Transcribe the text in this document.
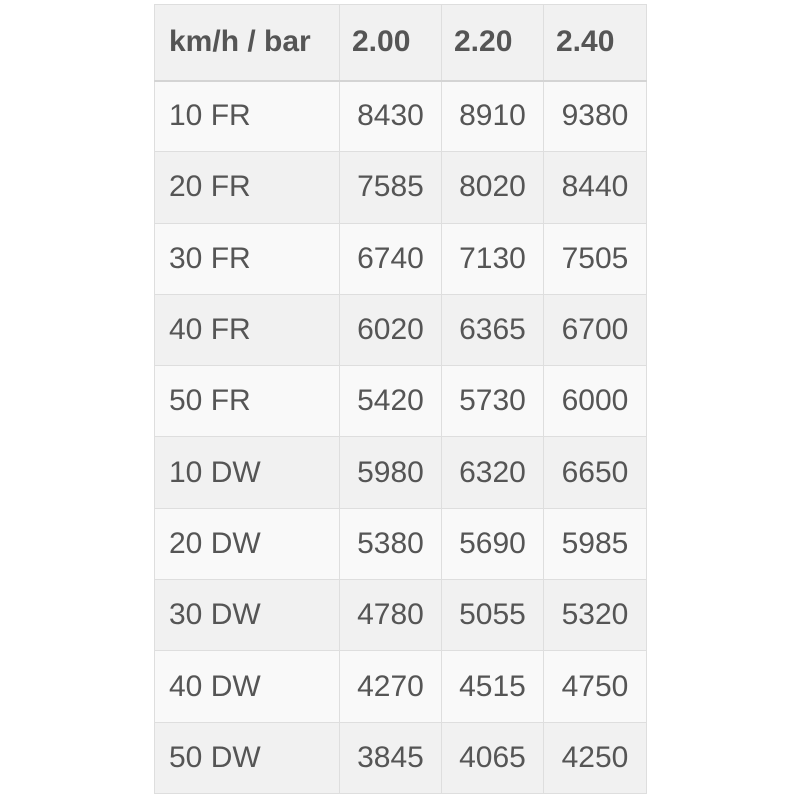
km/h / bar	2.00	2.20	2.40
10 FR	8430	8910	9380
20 FR	7585	8020	8440
30 FR	6740	7130	7505
40 FR	6020	6365	6700
50 FR	5420	5730	6000
10 DW	5980	6320	6650
20 DW	5380	5690	5985
30 DW	4780	5055	5320
40 DW	4270	4515	4750
50 DW	3845	4065	4250
